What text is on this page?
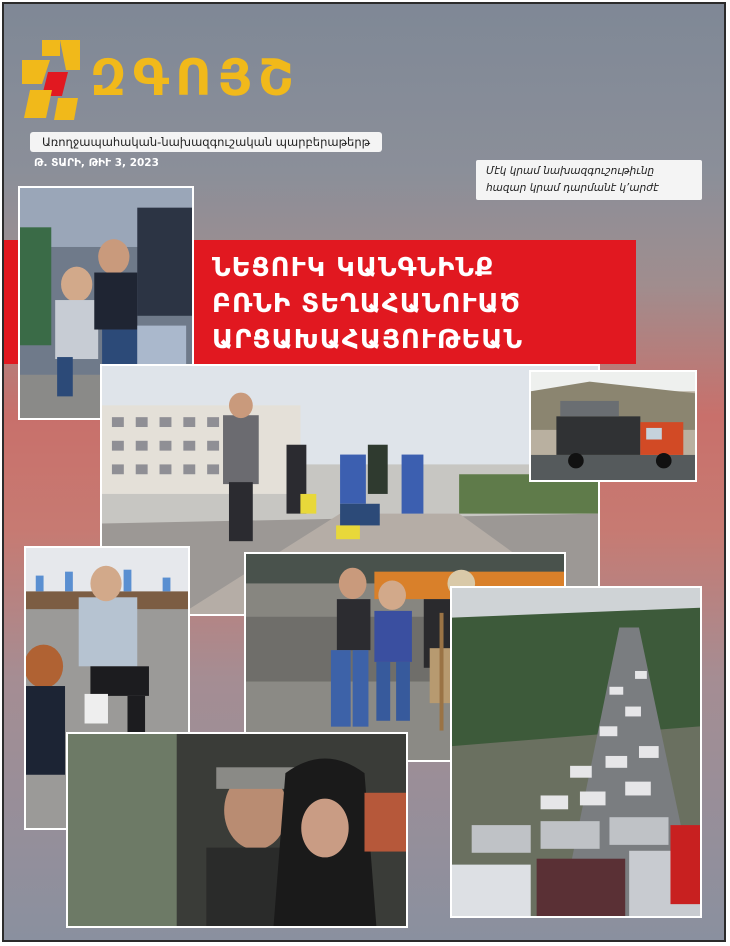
ԶԳՈՅՇ
Առողջապահական-նախազգուշական պարբերաթերթ
Թ. ՏԱՐԻ, ԹԻՒ 3, 2023
Մէկ կրամ նախազգուշութիւնը
հազար կրամ դարմանէ կ՚արժէ
ՆԵՑՈՒԿ ԿԱՆԳՆԻՆՔ
ԲՌՆԻ ՏԵՂԱՀԱՆՈՒԱԾ
ԱՐՑԱԽԱՀԱՅՈՒԹԵԱՆ
